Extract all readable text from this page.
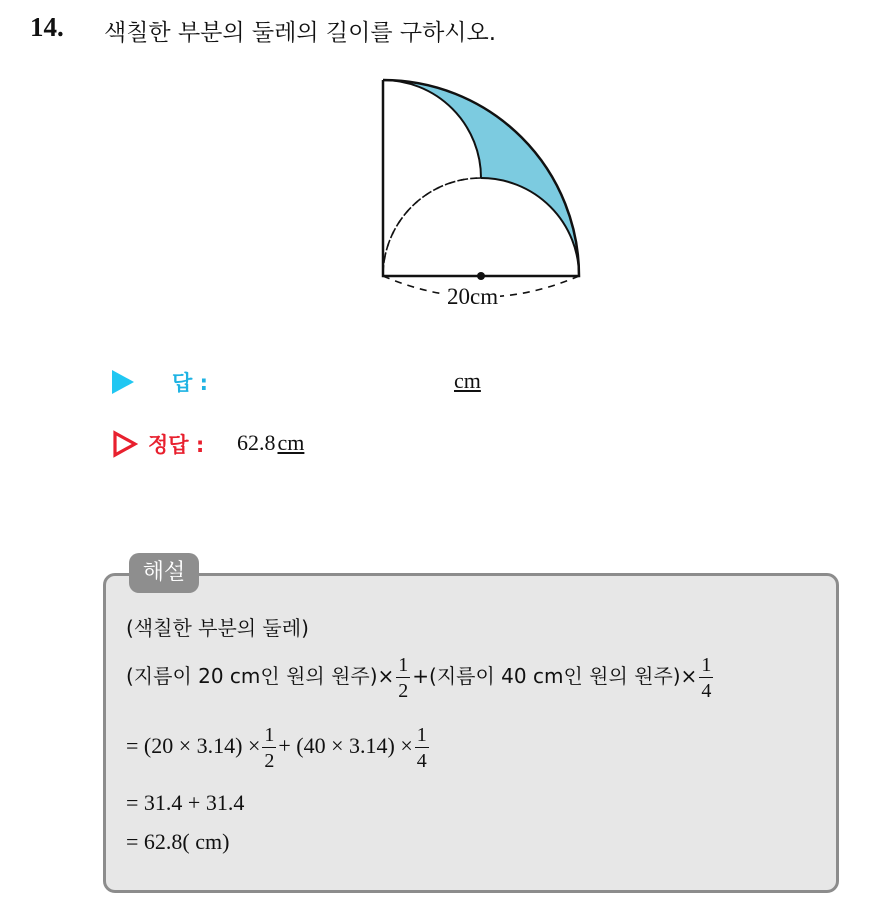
14. 색칠한 부분의 둘레의 길이를 구하시오.
20cm
답 :	cm
정답 : 62.8cm
해설
(색칠한 부분의 둘레)
(지름이 20 cm인 원의 원주)× $\frac{1}{2}$ +(지름이 40 cm인 원의 원주)× $\frac{1}{4}$
= $(20 \times 3.14) \times \frac{1}{2} + (40 \times 3.14) \times \frac{1}{4}$
= 31.4 + 31.4
= 62.8( cm)
